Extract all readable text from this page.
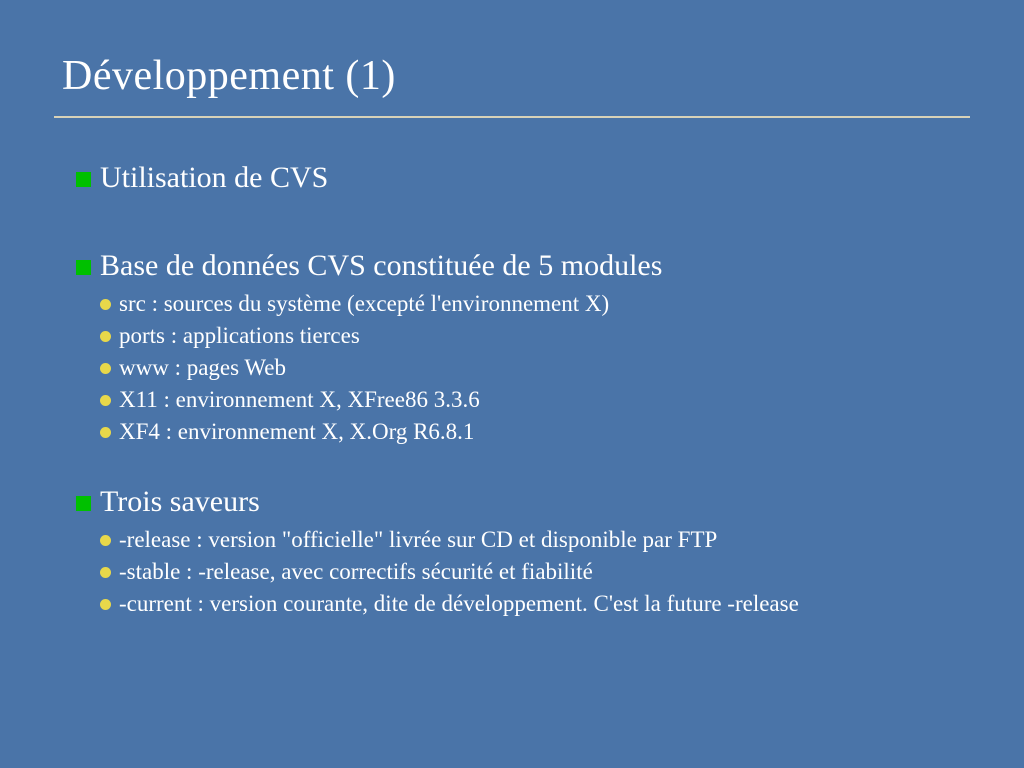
Développement (1)
Utilisation de CVS
Base de données CVS constituée de 5 modules
src : sources du système (excepté l'environnement X)
ports : applications tierces
www : pages Web
X11 : environnement X, XFree86 3.3.6
XF4 : environnement X, X.Org R6.8.1
Trois saveurs
-release : version "officielle" livrée sur CD et disponible par FTP
-stable : -release, avec correctifs sécurité et fiabilité
-current : version courante, dite de développement. C'est la future -release
